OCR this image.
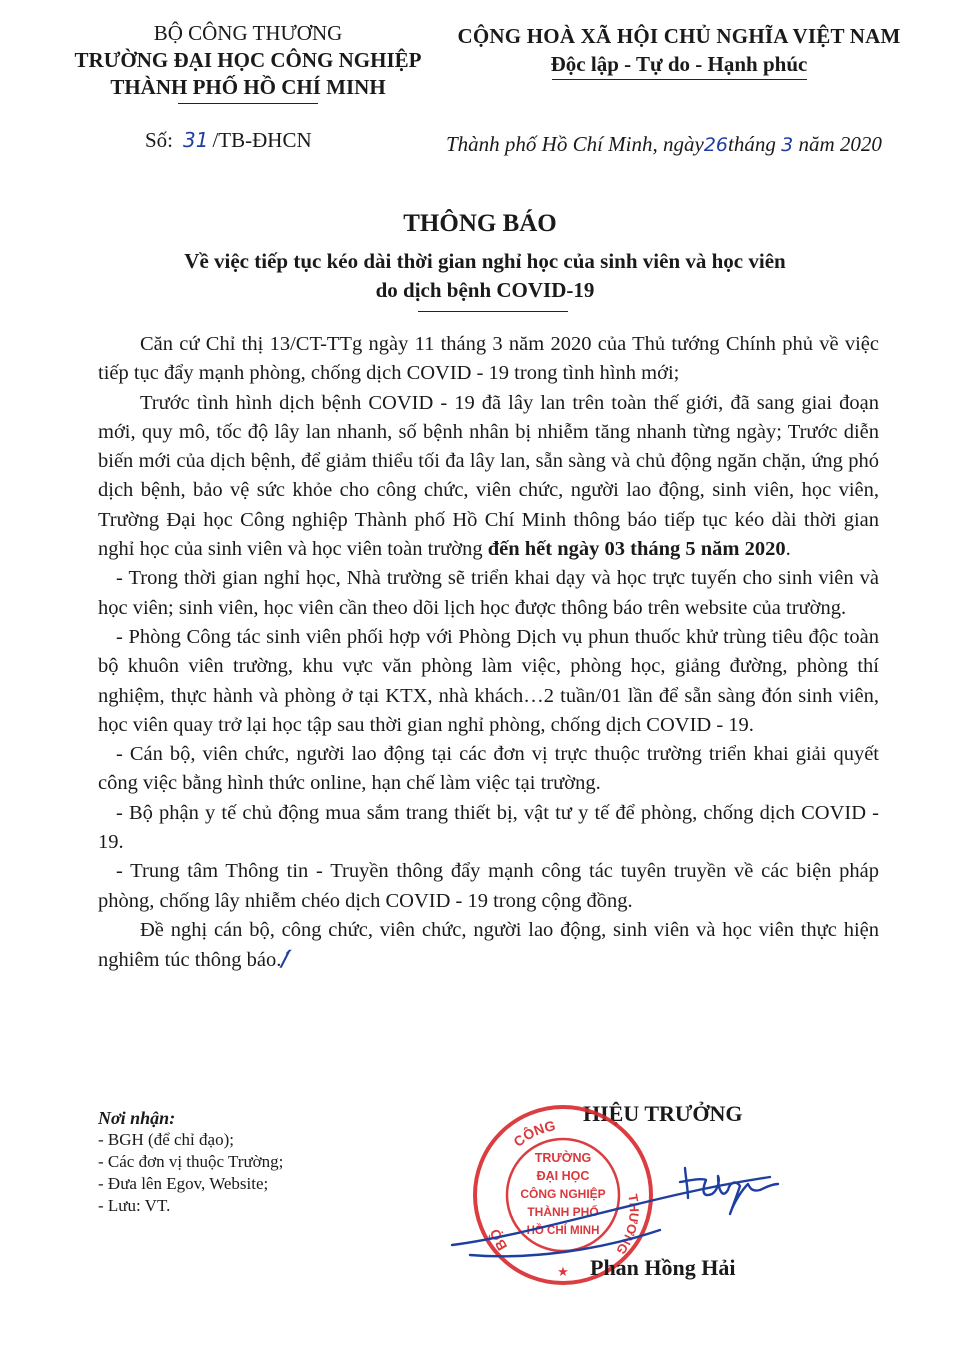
BỘ CÔNG THƯƠNG
TRƯỜNG ĐẠI HỌC CÔNG NGHIỆP
THÀNH PHỐ HỒ CHÍ MINH
CỘNG HOÀ XÃ HỘI CHỦ NGHĨA VIỆT NAM
Độc lập - Tự do - Hạnh phúc
Số: 31 /TB-ĐHCN	Thành phố Hồ Chí Minh, ngày26tháng 3 năm 2020
THÔNG BÁO
Về việc tiếp tục kéo dài thời gian nghỉ học của sinh viên và học viên
do dịch bệnh COVID-19

Căn cứ Chỉ thị 13/CT-TTg ngày 11 tháng 3 năm 2020 của Thủ tướng Chính phủ về việc tiếp tục đẩy mạnh phòng, chống dịch COVID - 19 trong tình hình mới;

Trước tình hình dịch bệnh COVID - 19 đã lây lan trên toàn thế giới, đã sang giai đoạn mới, quy mô, tốc độ lây lan nhanh, số bệnh nhân bị nhiễm tăng nhanh từng ngày; Trước diễn biến mới của dịch bệnh, để giảm thiểu tối đa lây lan, sẵn sàng và chủ động ngăn chặn, ứng phó dịch bệnh, bảo vệ sức khỏe cho công chức, viên chức, người lao động, sinh viên, học viên, Trường Đại học Công nghiệp Thành phố Hồ Chí Minh thông báo tiếp tục kéo dài thời gian nghỉ học của sinh viên và học viên toàn trường đến hết ngày 03 tháng 5 năm 2020.

- Trong thời gian nghỉ học, Nhà trường sẽ triển khai dạy và học trực tuyến cho sinh viên và học viên; sinh viên, học viên cần theo dõi lịch học được thông báo trên website của trường.

- Phòng Công tác sinh viên phối hợp với Phòng Dịch vụ phun thuốc khử trùng tiêu độc toàn bộ khuôn viên trường, khu vực văn phòng làm việc, phòng học, giảng đường, phòng thí nghiệm, thực hành và phòng ở tại KTX, nhà khách…2 tuần/01 lần để sẵn sàng đón sinh viên, học viên quay trở lại học tập sau thời gian nghỉ phòng, chống dịch COVID - 19.

- Cán bộ, viên chức, người lao động tại các đơn vị trực thuộc trường triển khai giải quyết công việc bằng hình thức online, hạn chế làm việc tại trường.

- Bộ phận y tế chủ động mua sắm trang thiết bị, vật tư y tế để phòng, chống dịch COVID - 19.

- Trung tâm Thông tin - Truyền thông đẩy mạnh công tác tuyên truyền về các biện pháp phòng, chống lây nhiễm chéo dịch COVID - 19 trong cộng đồng.

Đề nghị cán bộ, công chức, viên chức, người lao động, sinh viên và học viên thực hiện nghiêm túc thông báo./́

Nơi nhận:
- BGH (để chỉ đạo);
- Các đơn vị thuộc Trường;
- Đưa lên Egov, Website;
- Lưu: VT.
HIỆU TRƯỞNG
CÔNG
BỘ
THƯƠNG
TRƯỜNG
ĐẠI HỌC
CÔNG NGHIỆP
THÀNH PHỐ
HỒ CHÍ MINH
★ Phan Hồng Hải
